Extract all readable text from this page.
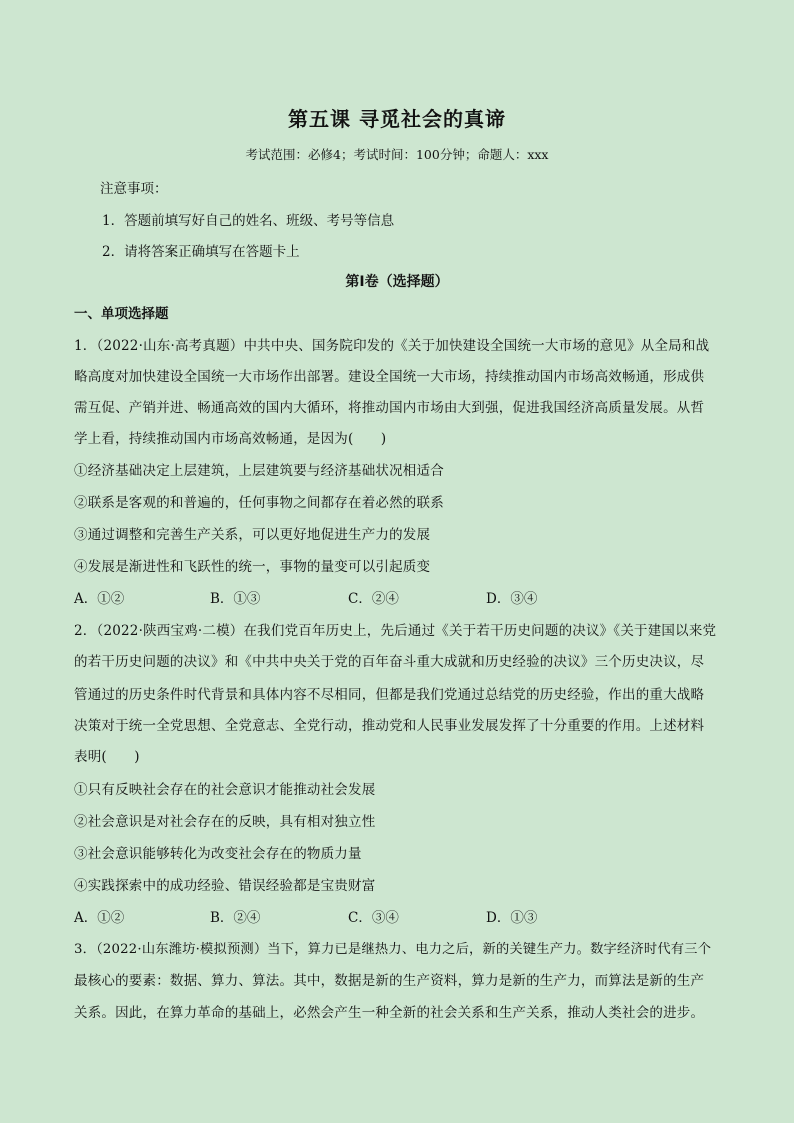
第五课 寻觅社会的真谛
考试范围：必修4；考试时间：100分钟；命题人：xxx
注意事项：
1．答题前填写好自己的姓名、班级、考号等信息
2．请将答案正确填写在答题卡上
第I卷（选择题）
一、单项选择题
1．（2022·山东·高考真题）中共中央、国务院印发的《关于加快建设全国统一大市场的意见》从全局和战
略高度对加快建设全国统一大市场作出部署。建设全国统一大市场，持续推动国内市场高效畅通，形成供
需互促、产销并进、畅通高效的国内大循环，将推动国内市场由大到强，促进我国经济高质量发展。从哲
学上看，持续推动国内市场高效畅通，是因为(　　)
①经济基础决定上层建筑，上层建筑要与经济基础状况相适合
②联系是客观的和普遍的，任何事物之间都存在着必然的联系
③通过调整和完善生产关系，可以更好地促进生产力的发展
④发展是渐进性和飞跃性的统一，事物的量变可以引起质变
A．①②	B．①③	C．②④	D．③④
2．（2022·陕西宝鸡·二模）在我们党百年历史上，先后通过《关于若干历史问题的决议》《关于建国以来党
的若干历史问题的决议》和《中共中央关于党的百年奋斗重大成就和历史经验的决议》三个历史决议，尽
管通过的历史条件时代背景和具体内容不尽相同，但都是我们党通过总结党的历史经验，作出的重大战略
决策对于统一全党思想、全党意志、全党行动，推动党和人民事业发展发挥了十分重要的作用。上述材料
表明(　　)
①只有反映社会存在的社会意识才能推动社会发展
②社会意识是对社会存在的反映，具有相对独立性
③社会意识能够转化为改变社会存在的物质力量
④实践探索中的成功经验、错误经验都是宝贵财富
A．①②	B．②④	C．③④	D．①③
3．（2022·山东潍坊·模拟预测）当下，算力已是继热力、电力之后，新的关键生产力。数字经济时代有三个
最核心的要素：数据、算力、算法。其中，数据是新的生产资料，算力是新的生产力，而算法是新的生产
关系。因此，在算力革命的基础上，必然会产生一种全新的社会关系和生产关系，推动人类社会的进步。
